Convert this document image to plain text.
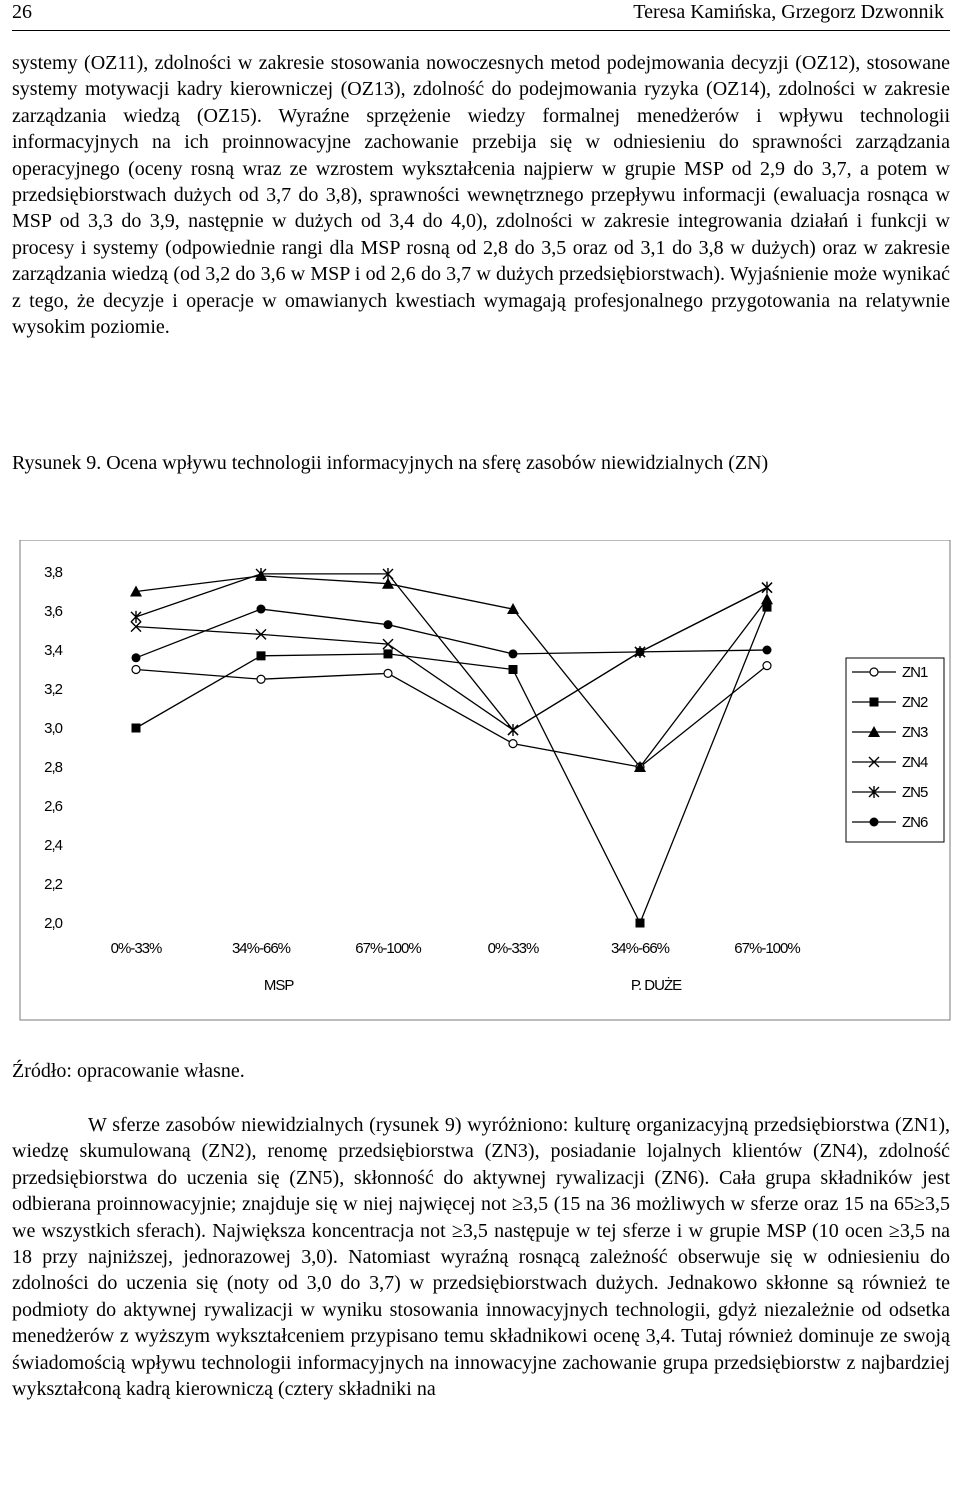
26	Teresa Kamińska, Grzegorz Dzwonnik

systemy (OZ11), zdolności w zakresie stosowania nowoczesnych metod podejmowania decyzji (OZ12), stosowane systemy motywacji kadry kierowniczej (OZ13), zdolność do podejmowania ryzyka (OZ14), zdolności w zakresie zarządzania wiedzą (OZ15). Wyraźne sprzężenie wiedzy formalnej menedżerów i wpływu technologii informacyjnych na ich proinnowacyjne zachowanie przebija się w odniesieniu do sprawności zarządzania operacyjnego (oceny rosną wraz ze wzrostem wykształcenia najpierw w grupie MSP od 2,9 do 3,7, a potem w przedsiębiorstwach dużych od 3,7 do 3,8), sprawności wewnętrznego przepływu informacji (ewaluacja rosnąca w MSP od 3,3 do 3,9, następnie w dużych od 3,4 do 4,0), zdolności w zakresie integrowania działań i funkcji w procesy i systemy (odpowiednie rangi dla MSP rosną od 2,8 do 3,5 oraz od 3,1 do 3,8 w dużych) oraz w zakresie zarządzania wiedzą (od 3,2 do 3,6 w MSP i od 2,6 do 3,7 w dużych przedsiębiorstwach). Wyjaśnienie może wynikać z tego, że decyzje i operacje w omawianych kwestiach wymagają profesjonalnego przygotowania na relatywnie wysokim poziomie.

Rysunek 9. Ocena wpływu technologii informacyjnych na sferę zasobów niewidzialnych (ZN)

2,0
2,2
2,4
2,6
2,8
3,0
3,2
3,4
3,6
3,8
0%-33%	34%-66%	67%-100%	0%-33%	34%-66%	67%-100%
MSP	P. DUŻE
ZN1
ZN2
ZN3
ZN4
ZN5
ZN6

Źródło: opracowanie własne.

W sferze zasobów niewidzialnych (rysunek 9) wyróżniono: kulturę organizacyjną przedsiębiorstwa (ZN1), wiedzę skumulowaną (ZN2), renomę przedsiębiorstwa (ZN3), posiadanie lojalnych klientów (ZN4), zdolność przedsiębiorstwa do uczenia się (ZN5), skłonność do aktywnej rywalizacji (ZN6). Cała grupa składników jest odbierana proinnowacyjnie; znajduje się w niej najwięcej not ≥3,5 (15 na 36 możliwych w sferze oraz 15 na 65≥3,5 we wszystkich sferach). Największa koncentracja not ≥3,5 następuje w tej sferze i w grupie MSP (10 ocen ≥3,5 na 18 przy najniższej, jednorazowej 3,0). Natomiast wyraźną rosnącą zależność obserwuje się w odniesieniu do zdolności do uczenia się (noty od 3,0 do 3,7) w przedsiębiorstwach dużych. Jednakowo skłonne są również te podmioty do aktywnej rywalizacji w wyniku stosowania innowacyjnych technologii, gdyż niezależnie od odsetka menedżerów z wyższym wykształceniem przypisano temu składnikowi ocenę 3,4. Tutaj również dominuje ze swoją świadomością wpływu technologii informacyjnych na innowacyjne zachowanie grupa przedsiębiorstw z najbardziej wykształconą kadrą kierowniczą (cztery składniki na
